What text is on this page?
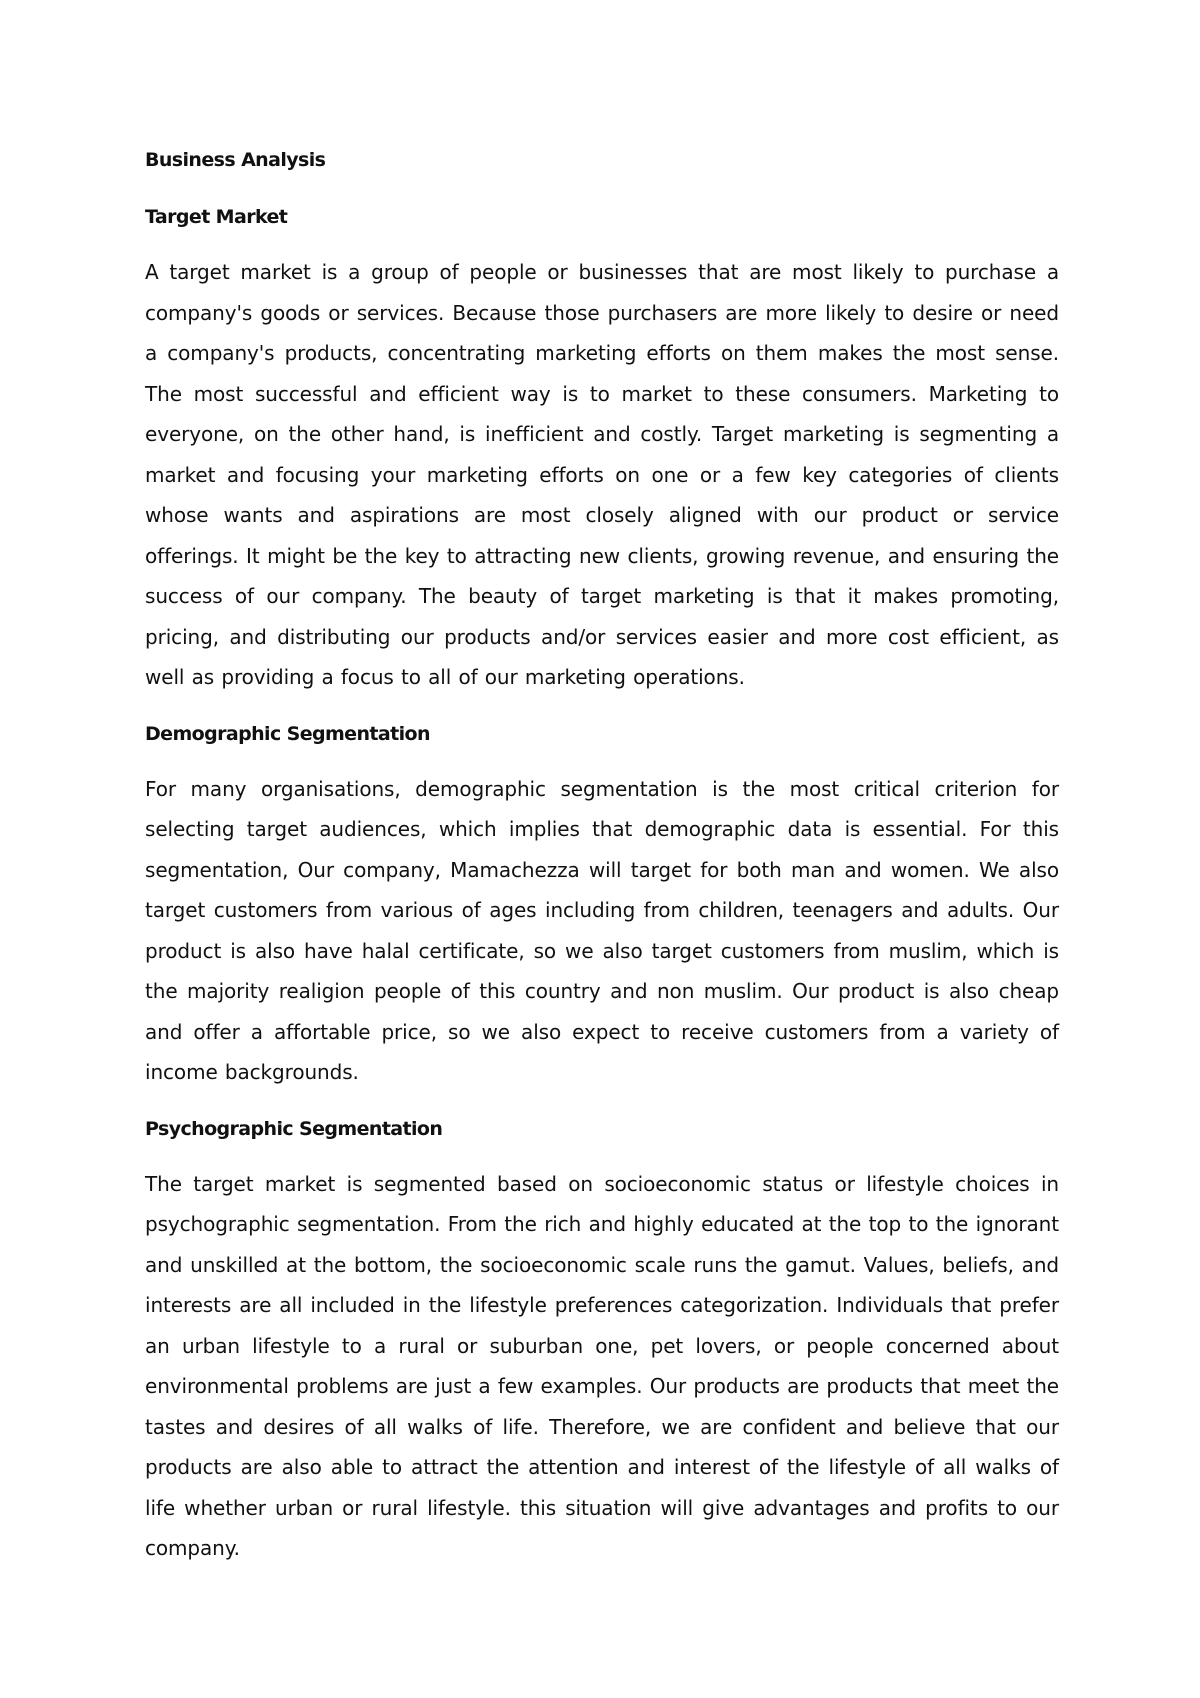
Business Analysis
Target Market

A target market is a group of people or businesses that are most likely to purchase a company's goods or services. Because those purchasers are more likely to desire or need a company's products, concentrating marketing efforts on them makes the most sense. The most successful and efficient way is to market to these consumers. Marketing to everyone, on the other hand, is inefficient and costly. Target marketing is segmenting a market and focusing your marketing efforts on one or a few key categories of clients whose wants and aspirations are most closely aligned with our product or service offerings. It might be the key to attracting new clients, growing revenue, and ensuring the success of our company. The beauty of target marketing is that it makes promoting, pricing, and distributing our products and/or services easier and more cost efficient, as well as providing a focus to all of our marketing operations.

Demographic Segmentation

For many organisations, demographic segmentation is the most critical criterion for selecting target audiences, which implies that demographic data is essential. For this segmentation, Our company, Mamachezza will target for both man and women. We also target customers from various of ages including from children, teenagers and adults. Our product is also have halal certificate, so we also target customers from muslim, which is the majority realigion people of this country and non muslim. Our product is also cheap and offer a affortable price, so we also expect to receive customers from a variety of income backgrounds.

Psychographic Segmentation

The target market is segmented based on socioeconomic status or lifestyle choices in psychographic segmentation. From the rich and highly educated at the top to the ignorant and unskilled at the bottom, the socioeconomic scale runs the gamut. Values, beliefs, and interests are all included in the lifestyle preferences categorization. Individuals that prefer an urban lifestyle to a rural or suburban one, pet lovers, or people concerned about environmental problems are just a few examples. Our products are products that meet the tastes and desires of all walks of life. Therefore, we are confident and believe that our products are also able to attract the attention and interest of the lifestyle of all walks of life whether urban or rural lifestyle. this situation will give advantages and profits to our company.
